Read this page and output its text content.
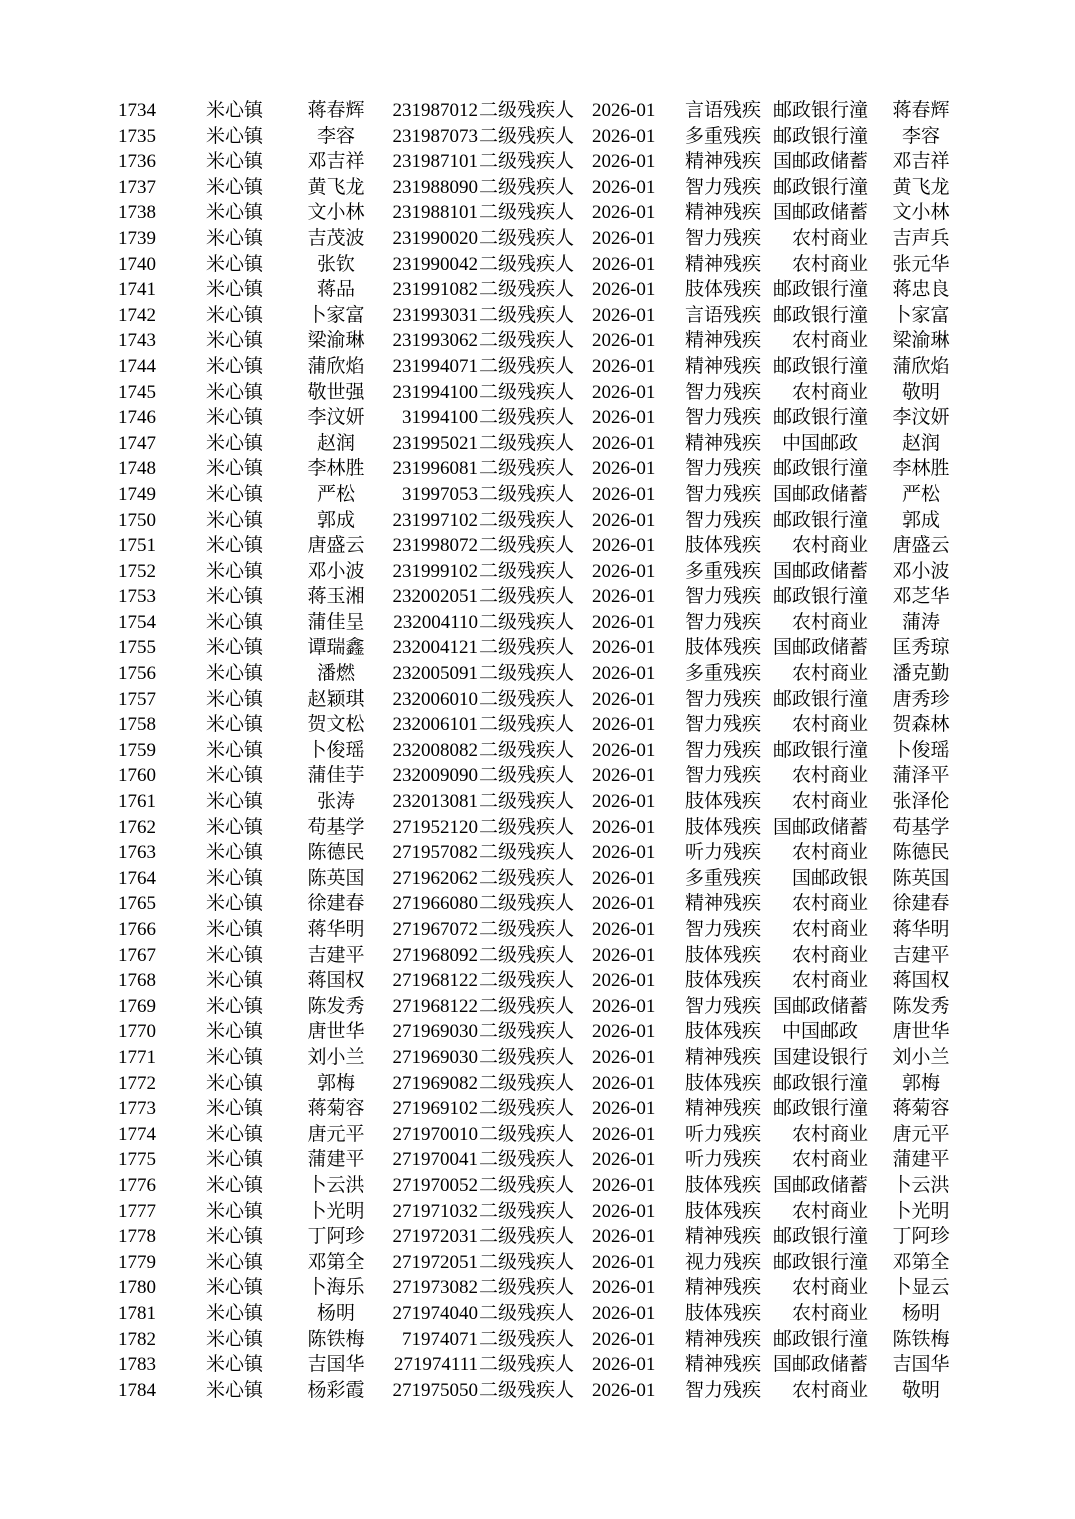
1734	米心镇	蒋春辉	231987012 二级残疾人 2026-01	言语残疾 邮政银行潼	蒋春辉
1735	米心镇	李容	231987073 二级残疾人 2026-01	多重残疾 邮政银行潼	李容
1736	米心镇	邓吉祥	231987101 二级残疾人 2026-01	精神残疾 国邮政储蓄	邓吉祥
1737	米心镇	黄飞龙	231988090 二级残疾人 2026-01	智力残疾 邮政银行潼	黄飞龙
1738	米心镇	文小林	231988101 二级残疾人 2026-01	精神残疾 国邮政储蓄	文小林
1739	米心镇	吉茂波	231990020 二级残疾人 2026-01	智力残疾	农村商业	吉声兵
1740	米心镇	张钦	231990042 二级残疾人 2026-01	精神残疾	农村商业	张元华
1741	米心镇	蒋品	231991082 二级残疾人 2026-01	肢体残疾 邮政银行潼	蒋忠良
1742	米心镇	卜家富	231993031 二级残疾人 2026-01	言语残疾 邮政银行潼	卜家富
1743	米心镇	梁渝琳	231993062 二级残疾人 2026-01	精神残疾	农村商业	梁渝琳
1744	米心镇	蒲欣焰	231994071 二级残疾人 2026-01	精神残疾 邮政银行潼	蒲欣焰
1745	米心镇	敬世强	231994100 二级残疾人 2026-01	智力残疾	农村商业	敬明
1746	米心镇	李汶妍	31994100 二级残疾人 2026-01	智力残疾 邮政银行潼	李汶妍
1747	米心镇	赵润	231995021 二级残疾人 2026-01	精神残疾	中国邮政	赵润
1748	米心镇	李林胜	231996081 二级残疾人 2026-01	智力残疾 邮政银行潼	李林胜
1749	米心镇	严松	31997053 二级残疾人 2026-01	智力残疾 国邮政储蓄	严松
1750	米心镇	郭成	231997102 二级残疾人 2026-01	智力残疾 邮政银行潼	郭成
1751	米心镇	唐盛云	231998072 二级残疾人 2026-01	肢体残疾	农村商业	唐盛云
1752	米心镇	邓小波	231999102 二级残疾人 2026-01	多重残疾 国邮政储蓄	邓小波
1753	米心镇	蒋玉湘	232002051 二级残疾人 2026-01	智力残疾 邮政银行潼	邓芝华
1754	米心镇	蒲佳呈	232004110 二级残疾人 2026-01	智力残疾	农村商业	蒲涛
1755	米心镇	谭瑞鑫	232004121 二级残疾人 2026-01	肢体残疾 国邮政储蓄	匡秀琼
1756	米心镇	潘燃	232005091 二级残疾人 2026-01	多重残疾	农村商业	潘克勤
1757	米心镇	赵颖琪	232006010 二级残疾人 2026-01	智力残疾 邮政银行潼	唐秀珍
1758	米心镇	贺文松	232006101 二级残疾人 2026-01	智力残疾	农村商业	贺森林
1759	米心镇	卜俊瑶	232008082 二级残疾人 2026-01	智力残疾 邮政银行潼	卜俊瑶
1760	米心镇	蒲佳芋	232009090 二级残疾人 2026-01	智力残疾	农村商业	蒲泽平
1761	米心镇	张涛	232013081 二级残疾人 2026-01	肢体残疾	农村商业	张泽伦
1762	米心镇	苟基学	271952120 二级残疾人 2026-01	肢体残疾 国邮政储蓄	苟基学
1763	米心镇	陈德民	271957082 二级残疾人 2026-01	听力残疾	农村商业	陈德民
1764	米心镇	陈英国	271962062 二级残疾人 2026-01	多重残疾	国邮政银	陈英国
1765	米心镇	徐建春	271966080 二级残疾人 2026-01	精神残疾	农村商业	徐建春
1766	米心镇	蒋华明	271967072 二级残疾人 2026-01	智力残疾	农村商业	蒋华明
1767	米心镇	吉建平	271968092 二级残疾人 2026-01	肢体残疾	农村商业	吉建平
1768	米心镇	蒋国权	271968122 二级残疾人 2026-01	肢体残疾	农村商业	蒋国权
1769	米心镇	陈发秀	271968122 二级残疾人 2026-01	智力残疾 国邮政储蓄	陈发秀
1770	米心镇	唐世华	271969030 二级残疾人 2026-01	肢体残疾	中国邮政	唐世华
1771	米心镇	刘小兰	271969030 二级残疾人 2026-01	精神残疾 国建设银行	刘小兰
1772	米心镇	郭梅	271969082 二级残疾人 2026-01	肢体残疾 邮政银行潼	郭梅
1773	米心镇	蒋菊容	271969102 二级残疾人 2026-01	精神残疾 邮政银行潼	蒋菊容
1774	米心镇	唐元平	271970010 二级残疾人 2026-01	听力残疾	农村商业	唐元平
1775	米心镇	蒲建平	271970041 二级残疾人 2026-01	听力残疾	农村商业	蒲建平
1776	米心镇	卜云洪	271970052 二级残疾人 2026-01	肢体残疾 国邮政储蓄	卜云洪
1777	米心镇	卜光明	271971032 二级残疾人 2026-01	肢体残疾	农村商业	卜光明
1778	米心镇	丁阿珍	271972031 二级残疾人 2026-01	精神残疾 邮政银行潼	丁阿珍
1779	米心镇	邓第全	271972051 二级残疾人 2026-01	视力残疾 邮政银行潼	邓第全
1780	米心镇	卜海乐	271973082 二级残疾人 2026-01	精神残疾	农村商业	卜显云
1781	米心镇	杨明	271974040 二级残疾人 2026-01	肢体残疾	农村商业	杨明
1782	米心镇	陈铁梅	71974071 二级残疾人 2026-01	精神残疾 邮政银行潼	陈铁梅
1783	米心镇	吉国华	271974111 二级残疾人 2026-01	精神残疾 国邮政储蓄	吉国华
1784	米心镇	杨彩霞	271975050 二级残疾人 2026-01	智力残疾	农村商业	敬明
